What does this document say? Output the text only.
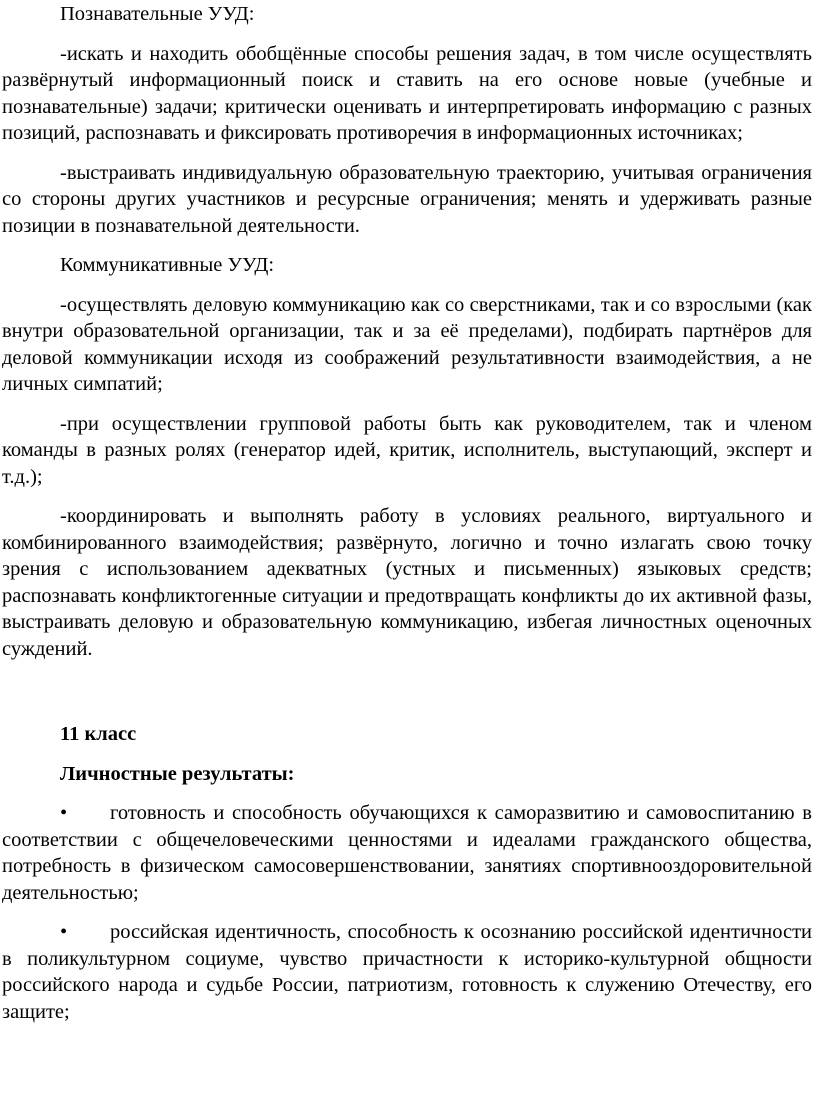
Познавательные УУД:

-искать и находить обобщённые способы решения задач, в том числе осуществлять развёрнутый информационный поиск и ставить на его основе новые (учебные и познавательные) задачи; критически оценивать и интерпретировать информацию с разных позиций, распознавать и фиксировать противоречия в информационных источниках;

-выстраивать индивидуальную образовательную траекторию, учитывая ограничения со стороны других участников и ресурсные ограничения; менять и удерживать разные позиции в познавательной деятельности.

Коммуникативные УУД:

-осуществлять деловую коммуникацию как со сверстниками, так и со взрослыми (как внутри образовательной организации, так и за её пределами), подбирать партнёров для деловой коммуникации исходя из соображений результативности взаимодействия, а не личных симпатий;

-при осуществлении групповой работы быть как руководителем, так и членом команды в разных ролях (генератор идей, критик, исполнитель, выступающий, эксперт и т.д.);

-координировать и выполнять работу в условиях реального, виртуального и комбинированного взаимодействия; развёрнуто, логично и точно излагать свою точку зрения с использованием адекватных (устных и письменных) языковых средств; распознавать конфликтогенные ситуации и предотвращать конфликты до их активной фазы, выстраивать деловую и образовательную коммуникацию, избегая личностных оценочных суждений.

11 класс

Личностные результаты:

• готовность и способность обучающихся к саморазвитию и самовоспитанию в соответствии с общечеловеческими ценностями и идеалами гражданского общества, потребность в физическом самосовершенствовании, занятиях спортивнооздоровительной деятельностью;

• российская идентичность, способность к осознанию российской идентичности в поликультурном социуме, чувство причастности к историко-культурной общности российского народа и судьбе России, патриотизм, готовность к служению Отечеству, его защите;
